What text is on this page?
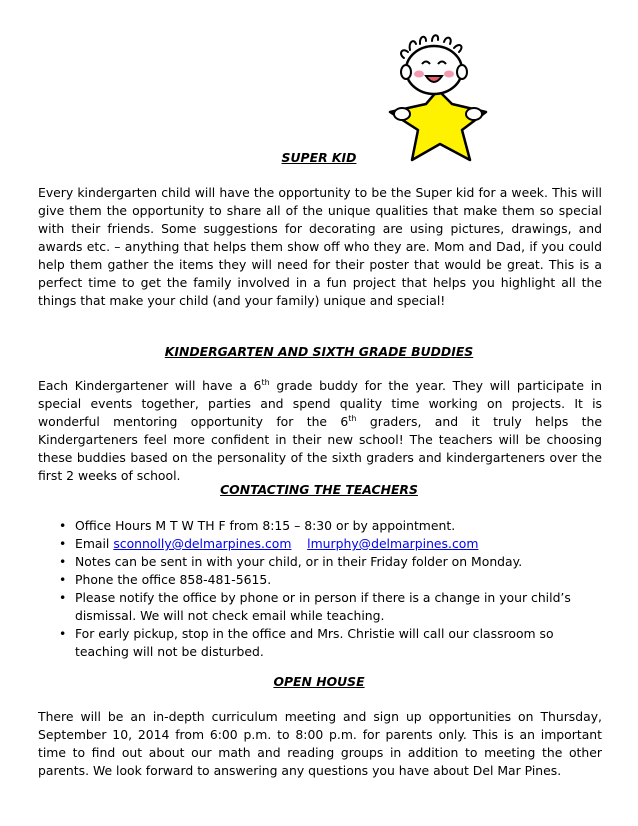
SUPER KID

Every kindergarten child will have the opportunity to be the Super kid for a week. This will give them the opportunity to share all of the unique qualities that make them so special with their friends. Some suggestions for decorating are using pictures, drawings, and awards etc. – anything that helps them show off who they are. Mom and Dad, if you could help them gather the items they will need for their poster that would be great. This is a perfect time to get the family involved in a fun project that helps you highlight all the things that make your child (and your family) unique and special!

KINDERGARTEN AND SIXTH GRADE BUDDIES

Each Kindergartener will have a 6th grade buddy for the year. They will participate in special events together, parties and spend quality time working on projects. It is wonderful mentoring opportunity for the 6th graders, and it truly helps the Kindergarteners feel more confident in their new school! The teachers will be choosing these buddies based on the personality of the sixth graders and kindergarteners over the first 2 weeks of school.

CONTACTING THE TEACHERS
• Office Hours M T W TH F from 8:15 – 8:30 or by appointment.
• Email sconnolly@delmarpines.com lmurphy@delmarpines.com
• Notes can be sent in with your child, or in their Friday folder on Monday.
• Phone the office 858-481-5615.
• Please notify the office by phone or in person if there is a change in your child’s dismissal. We will not check email while teaching.
• For early pickup, stop in the office and Mrs. Christie will call our classroom so teaching will not be disturbed.
OPEN HOUSE

There will be an in-depth curriculum meeting and sign up opportunities on Thursday, September 10, 2014 from 6:00 p.m. to 8:00 p.m. for parents only. This is an important time to find out about our math and reading groups in addition to meeting the other parents. We look forward to answering any questions you have about Del Mar Pines.
